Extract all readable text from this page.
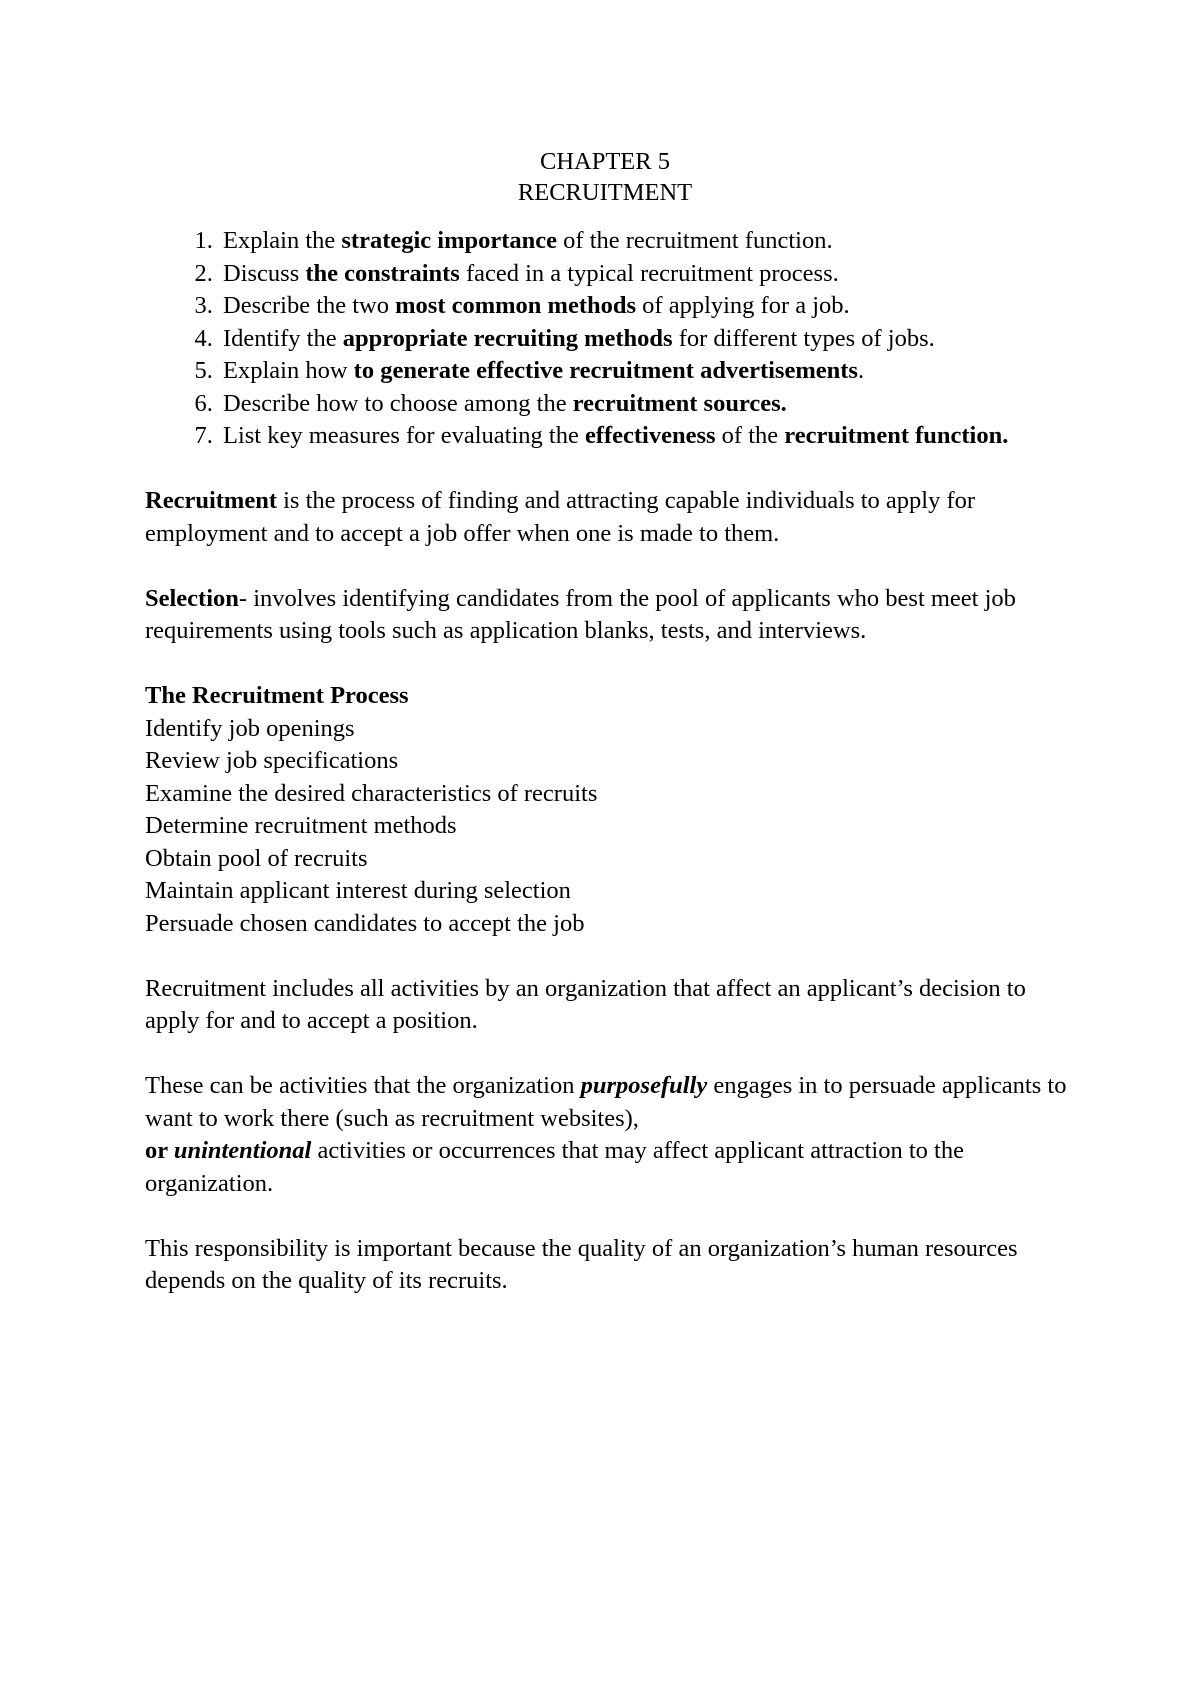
CHAPTER 5
RECRUITMENT
1. Explain the strategic importance of the recruitment function.
2. Discuss the constraints faced in a typical recruitment process.
3. Describe the two most common methods of applying for a job.
4. Identify the appropriate recruiting methods for different types of jobs.
5. Explain how to generate effective recruitment advertisements.
6. Describe how to choose among the recruitment sources.
7. List key measures for evaluating the effectiveness of the recruitment function.

Recruitment is the process of finding and attracting capable individuals to apply for employment and to accept a job offer when one is made to them.

Selection- involves identifying candidates from the pool of applicants who best meet job requirements using tools such as application blanks, tests, and interviews.

The Recruitment Process

Identify job openings
Review job specifications
Examine the desired characteristics of recruits
Determine recruitment methods
Obtain pool of recruits
Maintain applicant interest during selection
Persuade chosen candidates to accept the job

Recruitment includes all activities by an organization that affect an applicant’s decision to apply for and to accept a position.

These can be activities that the organization purposefully engages in to persuade applicants to want to work there (such as recruitment websites),
or unintentional activities or occurrences that may affect applicant attraction to the organization.

This responsibility is important because the quality of an organization’s human resources depends on the quality of its recruits.
